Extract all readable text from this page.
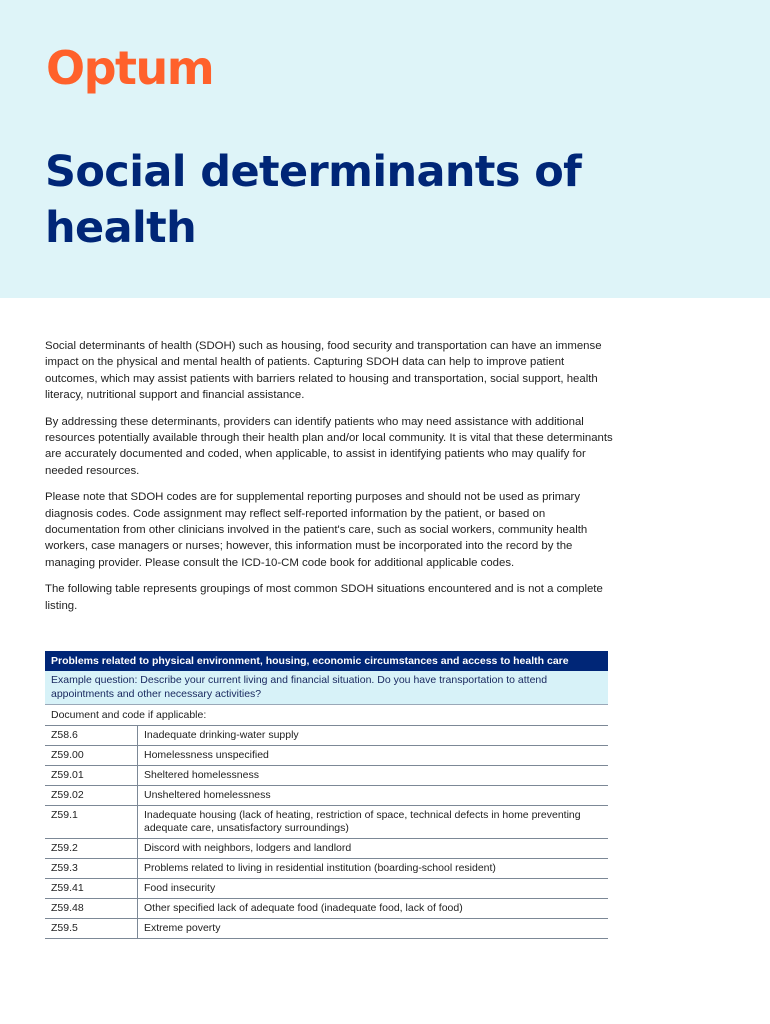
Optum
Social determinants of health

Social determinants of health (SDOH) such as housing, food security and transportation can have an immense impact on the physical and mental health of patients. Capturing SDOH data can help to improve patient outcomes, which may assist patients with barriers related to housing and transportation, social support, health literacy, nutritional support and financial assistance.

By addressing these determinants, providers can identify patients who may need assistance with additional resources potentially available through their health plan and/or local community. It is vital that these determinants are accurately documented and coded, when applicable, to assist in identifying patients who may qualify for needed resources.

Please note that SDOH codes are for supplemental reporting purposes and should not be used as primary diagnosis codes. Code assignment may reflect self-reported information by the patient, or based on documentation from other clinicians involved in the patient's care, such as social workers, community health workers, case managers or nurses; however, this information must be incorporated into the record by the managing provider. Please consult the ICD-10-CM code book for additional applicable codes.

The following table represents groupings of most common SDOH situations encountered and is not a complete listing.

Problems related to physical environment, housing, economic circumstances and access to health care	
Example question: Describe your current living and financial situation. Do you have transportation to attend appointments and other necessary activities?	
Document and code if applicable:	
Z58.6	Inadequate drinking-water supply
Z59.00	Homelessness unspecified
Z59.01	Sheltered homelessness
Z59.02	Unsheltered homelessness
Z59.1	Inadequate housing (lack of heating, restriction of space, technical defects in home preventing adequate care, unsatisfactory surroundings)
Z59.2	Discord with neighbors, lodgers and landlord
Z59.3	Problems related to living in residential institution (boarding-school resident)
Z59.41	Food insecurity
Z59.48	Other specified lack of adequate food (inadequate food, lack of food)
Z59.5	Extreme poverty
